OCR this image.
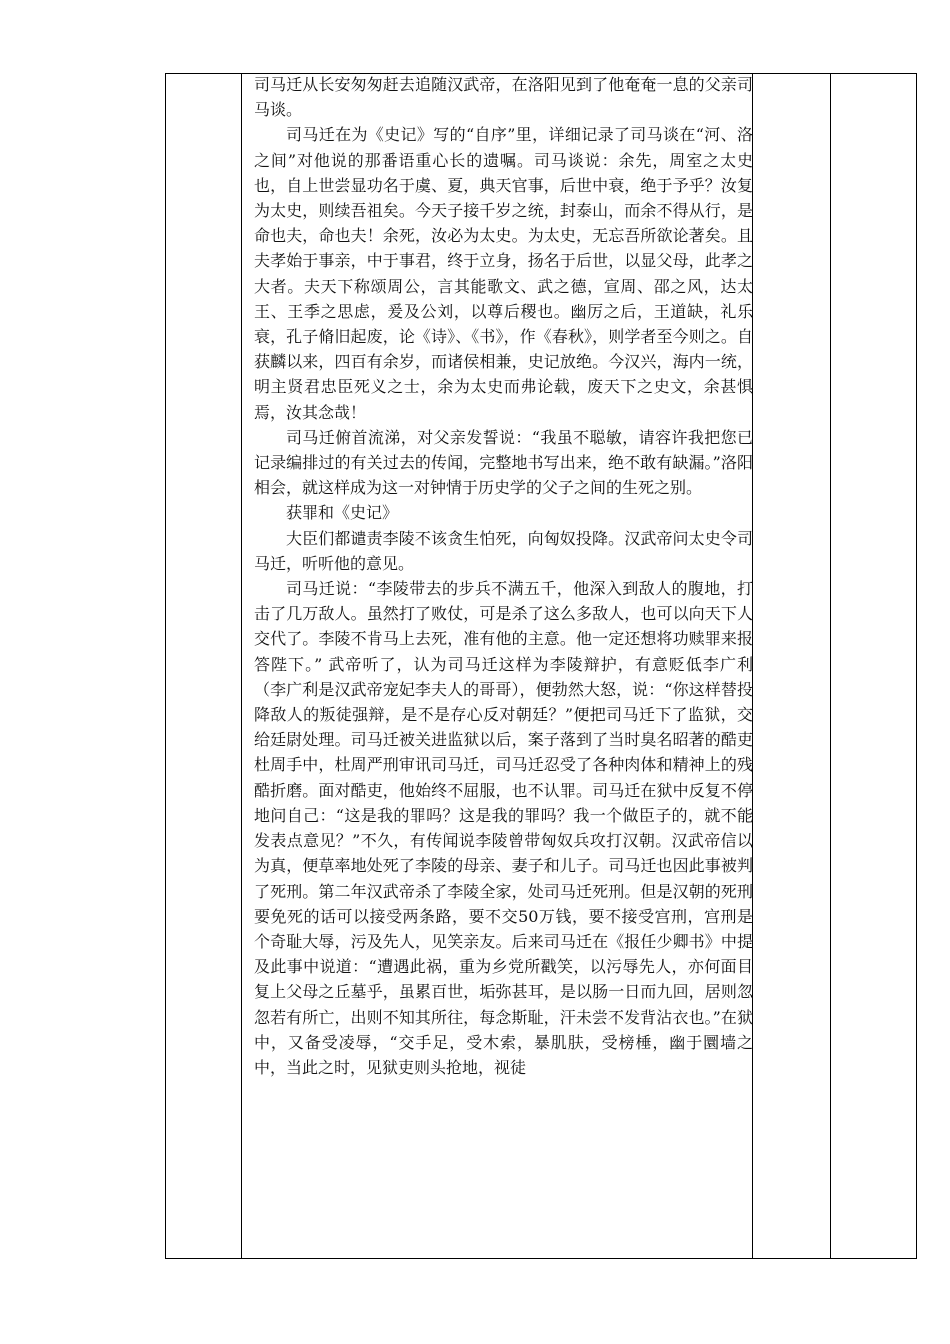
司马迁从长安匆匆赶去追随汉武帝，在洛阳见到了他奄奄一息的父亲司马谈。

司马迁在为《史记》写的“自序”里，详细记录了司马谈在“河、洛之间”对他说的那番语重心长的遗嘱。司马谈说：余先，周室之太史也，自上世尝显功名于虞、夏，典天官事，后世中衰，绝于予乎？汝复为太史，则续吾祖矣。今天子接千岁之统，封泰山，而余不得从行，是命也夫，命也夫！余死，汝必为太史。为太史，无忘吾所欲论著矣。且夫孝始于事亲，中于事君，终于立身，扬名于后世，以显父母，此孝之大者。夫天下称颂周公，言其能歌文、武之德，宣周、邵之风，达太王、王季之思虑，爰及公刘，以尊后稷也。幽厉之后，王道缺，礼乐衰，孔子脩旧起废，论《诗》、《书》，作《春秋》，则学者至今则之。自获麟以来，四百有余岁，而诸侯相兼，史记放绝。今汉兴，海内一统，明主贤君忠臣死义之士，余为太史而弗论载，废天下之史文，余甚惧焉，汝其念哉！

司马迁俯首流涕，对父亲发誓说：“我虽不聪敏，请容许我把您已记录编排过的有关过去的传闻，完整地书写出来，绝不敢有缺漏。”洛阳相会，就这样成为这一对钟情于历史学的父子之间的生死之别。

获罪和《史记》

大臣们都谴责李陵不该贪生怕死，向匈奴投降。汉武帝问太史令司马迁，听听他的意见。

司马迁说：“李陵带去的步兵不满五千，他深入到敌人的腹地，打击了几万敌人。虽然打了败仗，可是杀了这么多敌人，也可以向天下人交代了。李陵不肯马上去死，准有他的主意。他一定还想将功赎罪来报答陛下。” 武帝听了，认为司马迁这样为李陵辩护，有意贬低李广利（李广利是汉武帝宠妃李夫人的哥哥），便勃然大怒，说：“你这样替投降敌人的叛徒强辩，是不是存心反对朝廷？”便把司马迁下了监狱，交给廷尉处理。司马迁被关进监狱以后，案子落到了当时臭名昭著的酷吏杜周手中，杜周严刑审讯司马迁，司马迁忍受了各种肉体和精神上的残酷折磨。面对酷吏，他始终不屈服，也不认罪。司马迁在狱中反复不停地问自己：“这是我的罪吗？这是我的罪吗？我一个做臣子的，就不能发表点意见？”不久，有传闻说李陵曾带匈奴兵攻打汉朝。汉武帝信以为真，便草率地处死了李陵的母亲、妻子和儿子。司马迁也因此事被判了死刑。第二年汉武帝杀了李陵全家，处司马迁死刑。但是汉朝的死刑要免死的话可以接受两条路，要不交50万钱，要不接受宫刑，宫刑是个奇耻大辱，污及先人，见笑亲友。后来司马迁在《报任少卿书》中提及此事中说道：“遭遇此祸，重为乡党所戳笑，以污辱先人，亦何面目复上父母之丘墓乎，虽累百世，垢弥甚耳，是以肠一日而九回，居则忽忽若有所亡，出则不知其所往，每念斯耻，汗未尝不发背沾衣也。”在狱中，又备受凌辱，“交手足，受木索，暴肌肤，受榜棰，幽于圜墙之中，当此之时，见狱吏则头抢地，视徒
